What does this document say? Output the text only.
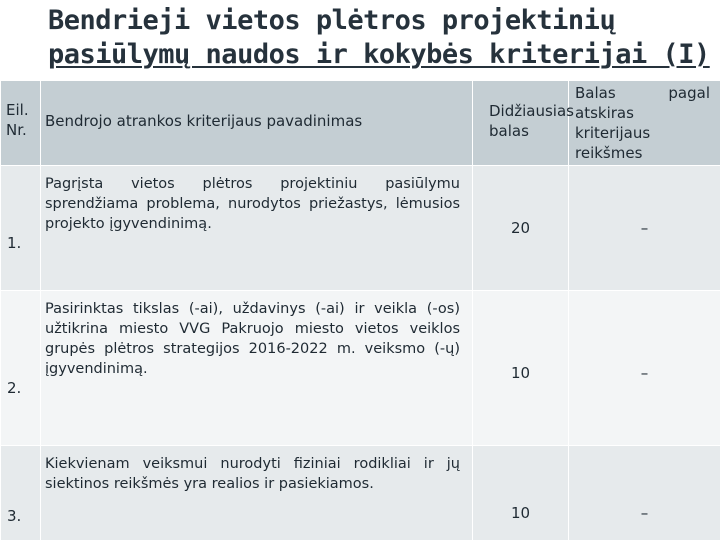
Bendrieji vietos plėtros projektinių
pasiūlymų naudos ir kokybės kriterijai (I)
Eil. Nr.	Bendrojo atrankos kriterijaus pavadinimas	Didžiausias balas	Balas pagal atskiras kriterijaus reikšmes

1.	Pagrįsta vietos plėtros projektiniu pasiūlymu sprendžiama problema, nurodytos priežastys, lėmusios projekto įgyvendinimą.	20	–

2.	Pasirinktas tikslas (-ai), uždavinys (-ai) ir veikla (-os) užtikrina miesto VVG Pakruojo miesto vietos veiklos grupės plėtros strategijos 2016-2022 m. veiksmo (-ų) įgyvendinimą.	10	–

3.	Kiekvienam veiksmui nurodyti fiziniai rodikliai ir jų siektinos reikšmės yra realios ir pasiekiamos.	10	–
